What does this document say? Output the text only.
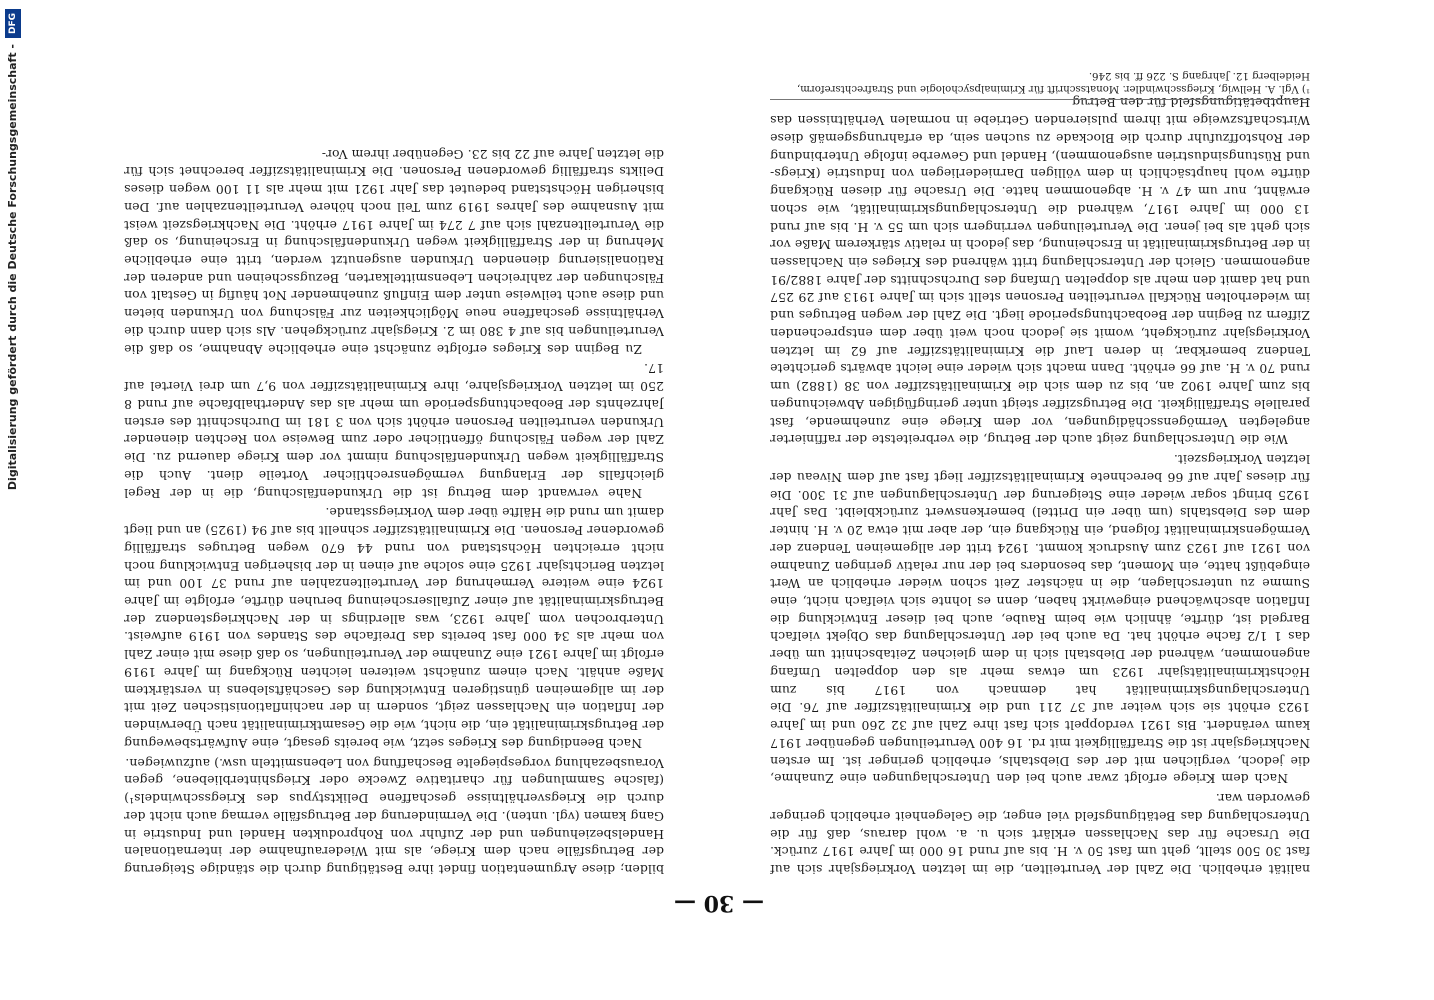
— 30 —

nalität erheblich. Die Zahl der Verurteilten, die im letzten Vorkriegsjahr sich auf fast 30 500 stellt, geht um fast 50 v. H. bis auf rund 16 000 im Jahre 1917 zurück. Die Ursache für das Nachlassen erklärt sich u. a. wohl daraus, daß für die Unterschlagung das Betätigungsfeld viel enger, die Gelegenheit erheblich geringer geworden war.

Nach dem Kriege erfolgt zwar auch bei den Unterschlagungen eine Zunahme, die jedoch, verglichen mit der des Diebstahls, erheblich geringer ist. Im ersten Nachkriegsjahr ist die Straffälligkeit mit rd. 16 400 Verurteilungen gegenüber 1917 kaum verändert. Bis 1921 verdoppelt sich fast ihre Zahl auf 32 260 und im Jahre 1923 erhöht sie sich weiter auf 37 211 und die Kriminalitätsziffer auf 76. Die Unterschlagungskriminalität hat demnach von 1917 bis zum Höchstkriminalitätsjahr 1923 um etwas mehr als den doppelten Umfang angenommen, während der Diebstahl sich in dem gleichen Zeitabschnitt um über das 1 1/2 fache erhöht hat. Da auch bei der Unterschlagung das Objekt vielfach Bargeld ist, dürfte, ähnlich wie beim Raube, auch bei dieser Entwicklung die Inflation abschwächend eingewirkt haben, denn es lohnte sich vielfach nicht, eine Summe zu unterschlagen, die in nächster Zeit schon wieder erheblich an Wert eingebüßt hatte, ein Moment, das besonders bei der nur relativ geringen Zunahme von 1921 auf 1923 zum Ausdruck kommt. 1924 tritt der allgemeinen Tendenz der Vermögenskriminalität folgend, ein Rückgang ein, der aber mit etwa 20 v. H. hinter dem des Diebstahls (um über ein Drittel) bemerkenswert zurückbleibt. Das Jahr 1925 bringt sogar wieder eine Steigerung der Unterschlagungen auf 31 300. Die für dieses Jahr auf 66 berechnete Kriminalitätsziffer liegt fast auf dem Niveau der letzten Vorkriegszeit.

Wie die Unterschlagung zeigt auch der Betrug, die verbreitetste der raffinierter angelegten Vermögensschädigungen, vor dem Kriege eine zunehmende, fast parallele Straffälligkeit. Die Betrugsziffer steigt unter geringfügigen Abweichungen bis zum Jahre 1902 an, bis zu dem sich die Kriminalitätsziffer von 38 (1882) um rund 70 v. H. auf 66 erhöht. Dann macht sich wieder eine leicht abwärts gerichtete Tendenz bemerkbar, in deren Lauf die Kriminalitätsziffer auf 62 im letzten Vorkriegsjahr zurückgeht, womit sie jedoch noch weit über dem entsprechenden Ziffern zu Beginn der Beobachtungsperiode liegt. Die Zahl der wegen Betruges und im wiederholten Rückfall verurteilten Personen stellt sich im Jahre 1913 auf 29 257 und hat damit den mehr als doppelten Umfang des Durchschnitts der Jahre 1882/91 angenommen. Gleich der Unterschlagung tritt während des Krieges ein Nachlassen in der Betrugskriminalität in Erscheinung, das jedoch in relativ stärkerem Maße vor sich geht als bei jener. Die Verurteilungen verringern sich um 55 v. H. bis auf rund 13 000 im Jahre 1917, während die Unterschlagungskriminalität, wie schon erwähnt, nur um 47 v. H. abgenommen hatte. Die Ursache für diesen Rückgang dürfte wohl hauptsächlich in dem völligen Darniederliegen von Industrie (Kriegs- und Rüstungsindustrien ausgenommen), Handel und Gewerbe infolge Unterbindung der Rohstoffzufuhr durch die Blockade zu suchen sein, da erfahrungsgemäß diese Wirtschaftszweige mit ihrem pulsierenden Getriebe in normalen Verhältnissen das Hauptbetätigungsfeld für den Betrug

bilden; diese Argumentation findet ihre Bestätigung durch die ständige Steigerung der Betrugsfälle nach dem Kriege, als mit Wiederaufnahme der internationalen Handelsbeziehungen und der Zufuhr von Rohprodukten Handel und Industrie in Gang kamen (vgl. unten). Die Verminderung der Betrugsfälle vermag auch nicht der durch die Kriegsverhältnisse geschaffene Deliktstypus des Kriegsschwindels¹) (falsche Sammlungen für charitative Zwecke oder Kriegshinterbliebene, gegen Vorausbezahlung vorgespiegelte Beschaffung von Lebensmitteln usw.) aufzuwiegen.

Nach Beendigung des Krieges setzt, wie bereits gesagt, eine Aufwärtsbewegung der Betrugskriminalität ein, die nicht, wie die Gesamtkriminalität nach Überwinden der Inflation ein Nachlassen zeigt, sondern in der nachinflationistischen Zeit mit der im allgemeinen günstigeren Entwicklung des Geschäftslebens in verstärktem Maße anhält. Nach einem zunächst weiteren leichten Rückgang im Jahre 1919 erfolgt im Jahre 1921 eine Zunahme der Verurteilungen, so daß diese mit einer Zahl von mehr als 34 000 fast bereits das Dreifache des Standes von 1919 aufweist. Unterbrochen vom Jahre 1923, was allerdings in der Nachkriegstendenz der Betrugskriminalität auf einer Zufallserscheinung beruhen dürfte, erfolgte im Jahre 1924 eine weitere Vermehrung der Verurteiltenzahlen auf rund 37 100 und im letzten Berichtsjahr 1925 eine solche auf einen in der bisherigen Entwicklung noch nicht erreichten Höchststand von rund 44 670 wegen Betruges straffällig gewordener Personen. Die Kriminalitätsziffer schnellt bis auf 94 (1925) an und liegt damit um rund die Hälfte über dem Vorkriegsstande.

Nahe verwandt dem Betrug ist die Urkundenfälschung, die in der Regel gleichfalls der Erlangung vermögensrechtlicher Vorteile dient. Auch die Straffälligkeit wegen Urkundenfälschung nimmt vor dem Kriege dauernd zu. Die Zahl der wegen Fälschung öffentlicher oder zum Beweise von Rechten dienender Urkunden verurteilten Personen erhöht sich von 3 181 im Durchschnitt des ersten Jahrzehnts der Beobachtungsperiode um mehr als das Anderthalbfache auf rund 8 250 im letzten Vorkriegsjahre, ihre Kriminalitätsziffer von 9,7 um drei Viertel auf 17.

Zu Beginn des Krieges erfolgte zunächst eine erhebliche Abnahme, so daß die Verurteilungen bis auf 4 380 im 2. Kriegsjahr zurückgehen. Als sich dann durch die Verhältnisse geschaffene neue Möglichkeiten zur Fälschung von Urkunden bieten und diese auch teilweise unter dem Einfluß zunehmender Not häufig in Gestalt von Fälschungen der zahlreichen Lebensmittelkarten, Bezugsscheinen und anderen der Rationalisierung dienenden Urkunden ausgenutzt werden, tritt eine erhebliche Mehrung in der Straffälligkeit wegen Urkundenfälschung in Erscheinung, so daß die Verurteiltenzahl sich auf 7 274 im Jahre 1917 erhöht. Die Nachkriegszeit weist mit Ausnahme des Jahres 1919 zum Teil noch höhere Verurteiltenzahlen auf. Den bisherigen Höchststand bedeutet das Jahr 1921 mit mehr als 11 100 wegen dieses Delikts straffällig gewordenen Personen. Die Kriminalitätsziffer berechnet sich für die letzten Jahre auf 22 bis 23. Gegenüber ihrem Vor-

¹) Vgl. A. Hellwig, Kriegsschwindler. Monatsschrift für Kriminalpsychologie und Strafrechtsreform, Heidelberg 12. Jahrgang S. 226 ff. bis 246.
Digitalisierung gefördert durch die Deutsche Forschungsgemeinschaft -DFG
